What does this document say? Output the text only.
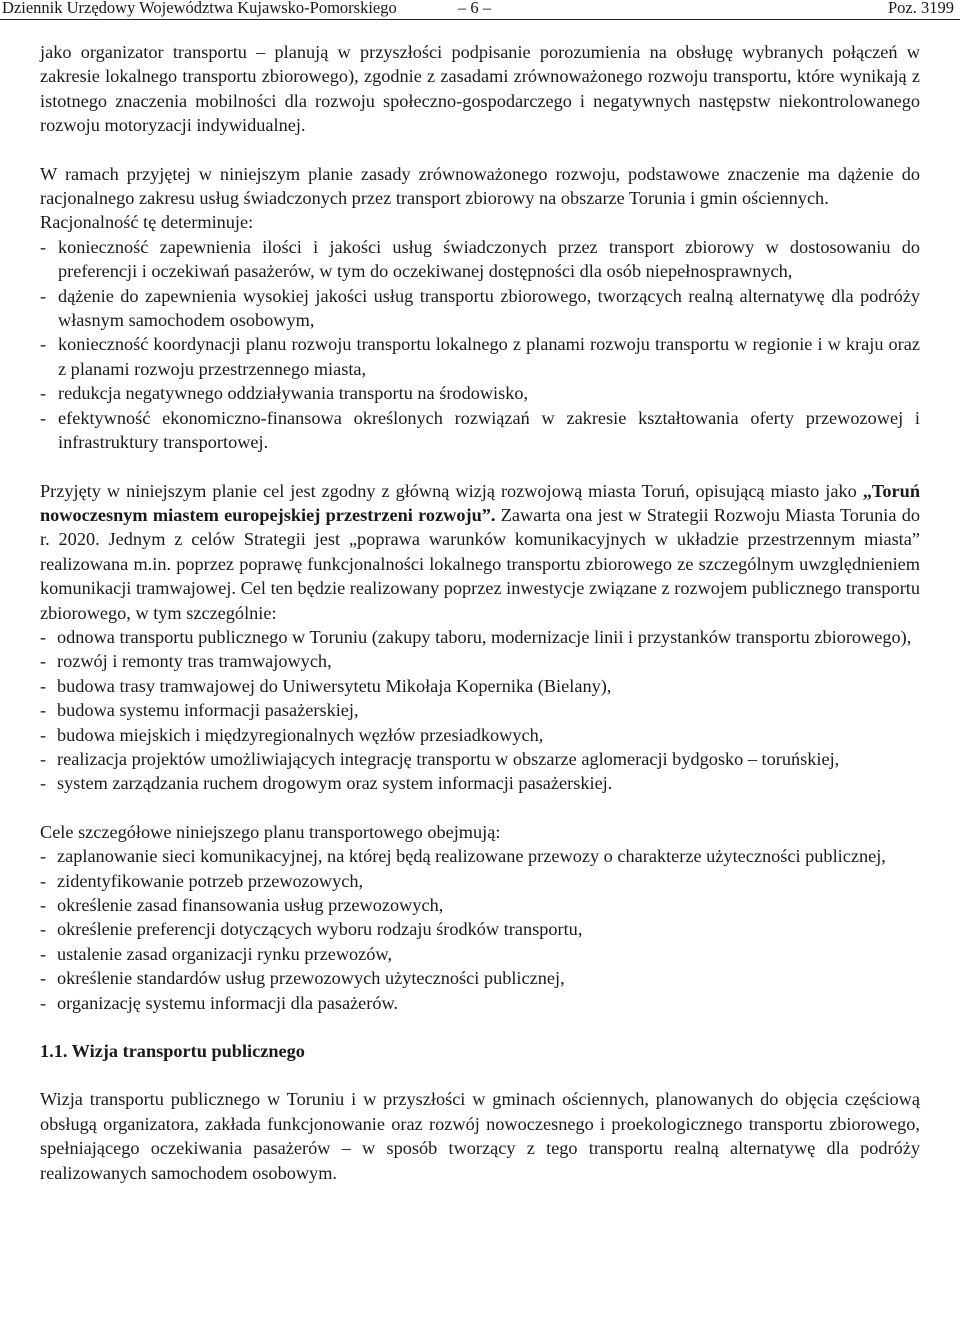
Dziennik Urzędowy Województwa Kujawsko-Pomorskiego	– 6 –	Poz. 3199

jako organizator transportu – planują w przyszłości podpisanie porozumienia na obsługę wybranych połączeń w zakresie lokalnego transportu zbiorowego), zgodnie z zasadami zrównoważonego rozwoju transportu, które wynikają z istotnego znaczenia mobilności dla rozwoju społeczno-gospodarczego i negatywnych następstw niekontrolowanego rozwoju motoryzacji indywidualnej.

W ramach przyjętej w niniejszym planie zasady zrównoważonego rozwoju, podstawowe znaczenie ma dążenie do racjonalnego zakresu usług świadczonych przez transport zbiorowy na obszarze Torunia i gmin ościennych.

Racjonalność tę determinuje:

- konieczność zapewnienia ilości i jakości usług świadczonych przez transport zbiorowy w dostosowaniu do preferencji i oczekiwań pasażerów, w tym do oczekiwanej dostępności dla osób niepełnosprawnych,
- dążenie do zapewnienia wysokiej jakości usług transportu zbiorowego, tworzących realną alternatywę dla podróży własnym samochodem osobowym,
- konieczność koordynacji planu rozwoju transportu lokalnego z planami rozwoju transportu w regionie i w kraju oraz z planami rozwoju przestrzennego miasta,
- redukcja negatywnego oddziaływania transportu na środowisko,
- efektywność ekonomiczno-finansowa określonych rozwiązań w zakresie kształtowania oferty przewozowej i infrastruktury transportowej.

Przyjęty w niniejszym planie cel jest zgodny z główną wizją rozwojową miasta Toruń, opisującą miasto jako „Toruń nowoczesnym miastem europejskiej przestrzeni rozwoju”. Zawarta ona jest w Strategii Rozwoju Miasta Torunia do r. 2020. Jednym z celów Strategii jest „poprawa warunków komunikacyjnych w układzie przestrzennym miasta” realizowana m.in. poprzez poprawę funkcjonalności lokalnego transportu zbiorowego ze szczególnym uwzględnieniem komunikacji tramwajowej. Cel ten będzie realizowany poprzez inwestycje związane z rozwojem publicznego transportu zbiorowego, w tym szczególnie:

- odnowa transportu publicznego w Toruniu (zakupy taboru, modernizacje linii i przystanków transportu zbiorowego),
- rozwój i remonty tras tramwajowych,
- budowa trasy tramwajowej do Uniwersytetu Mikołaja Kopernika (Bielany),
- budowa systemu informacji pasażerskiej,
- budowa miejskich i międzyregionalnych węzłów przesiadkowych,
- realizacja projektów umożliwiających integrację transportu w obszarze aglomeracji bydgosko – toruńskiej,
- system zarządzania ruchem drogowym oraz system informacji pasażerskiej.

Cele szczegółowe niniejszego planu transportowego obejmują:

- zaplanowanie sieci komunikacyjnej, na której będą realizowane przewozy o charakterze użyteczności publicznej,
- zidentyfikowanie potrzeb przewozowych,
- określenie zasad finansowania usług przewozowych,
- określenie preferencji dotyczących wyboru rodzaju środków transportu,
- ustalenie zasad organizacji rynku przewozów,
- określenie standardów usług przewozowych użyteczności publicznej,
- organizację systemu informacji dla pasażerów.

1.1. Wizja transportu publicznego

Wizja transportu publicznego w Toruniu i w przyszłości w gminach ościennych, planowanych do objęcia częściową obsługą organizatora, zakłada funkcjonowanie oraz rozwój nowoczesnego i proekologicznego transportu zbiorowego, spełniającego oczekiwania pasażerów – w sposób tworzący z tego transportu realną alternatywę dla podróży realizowanych samochodem osobowym.
